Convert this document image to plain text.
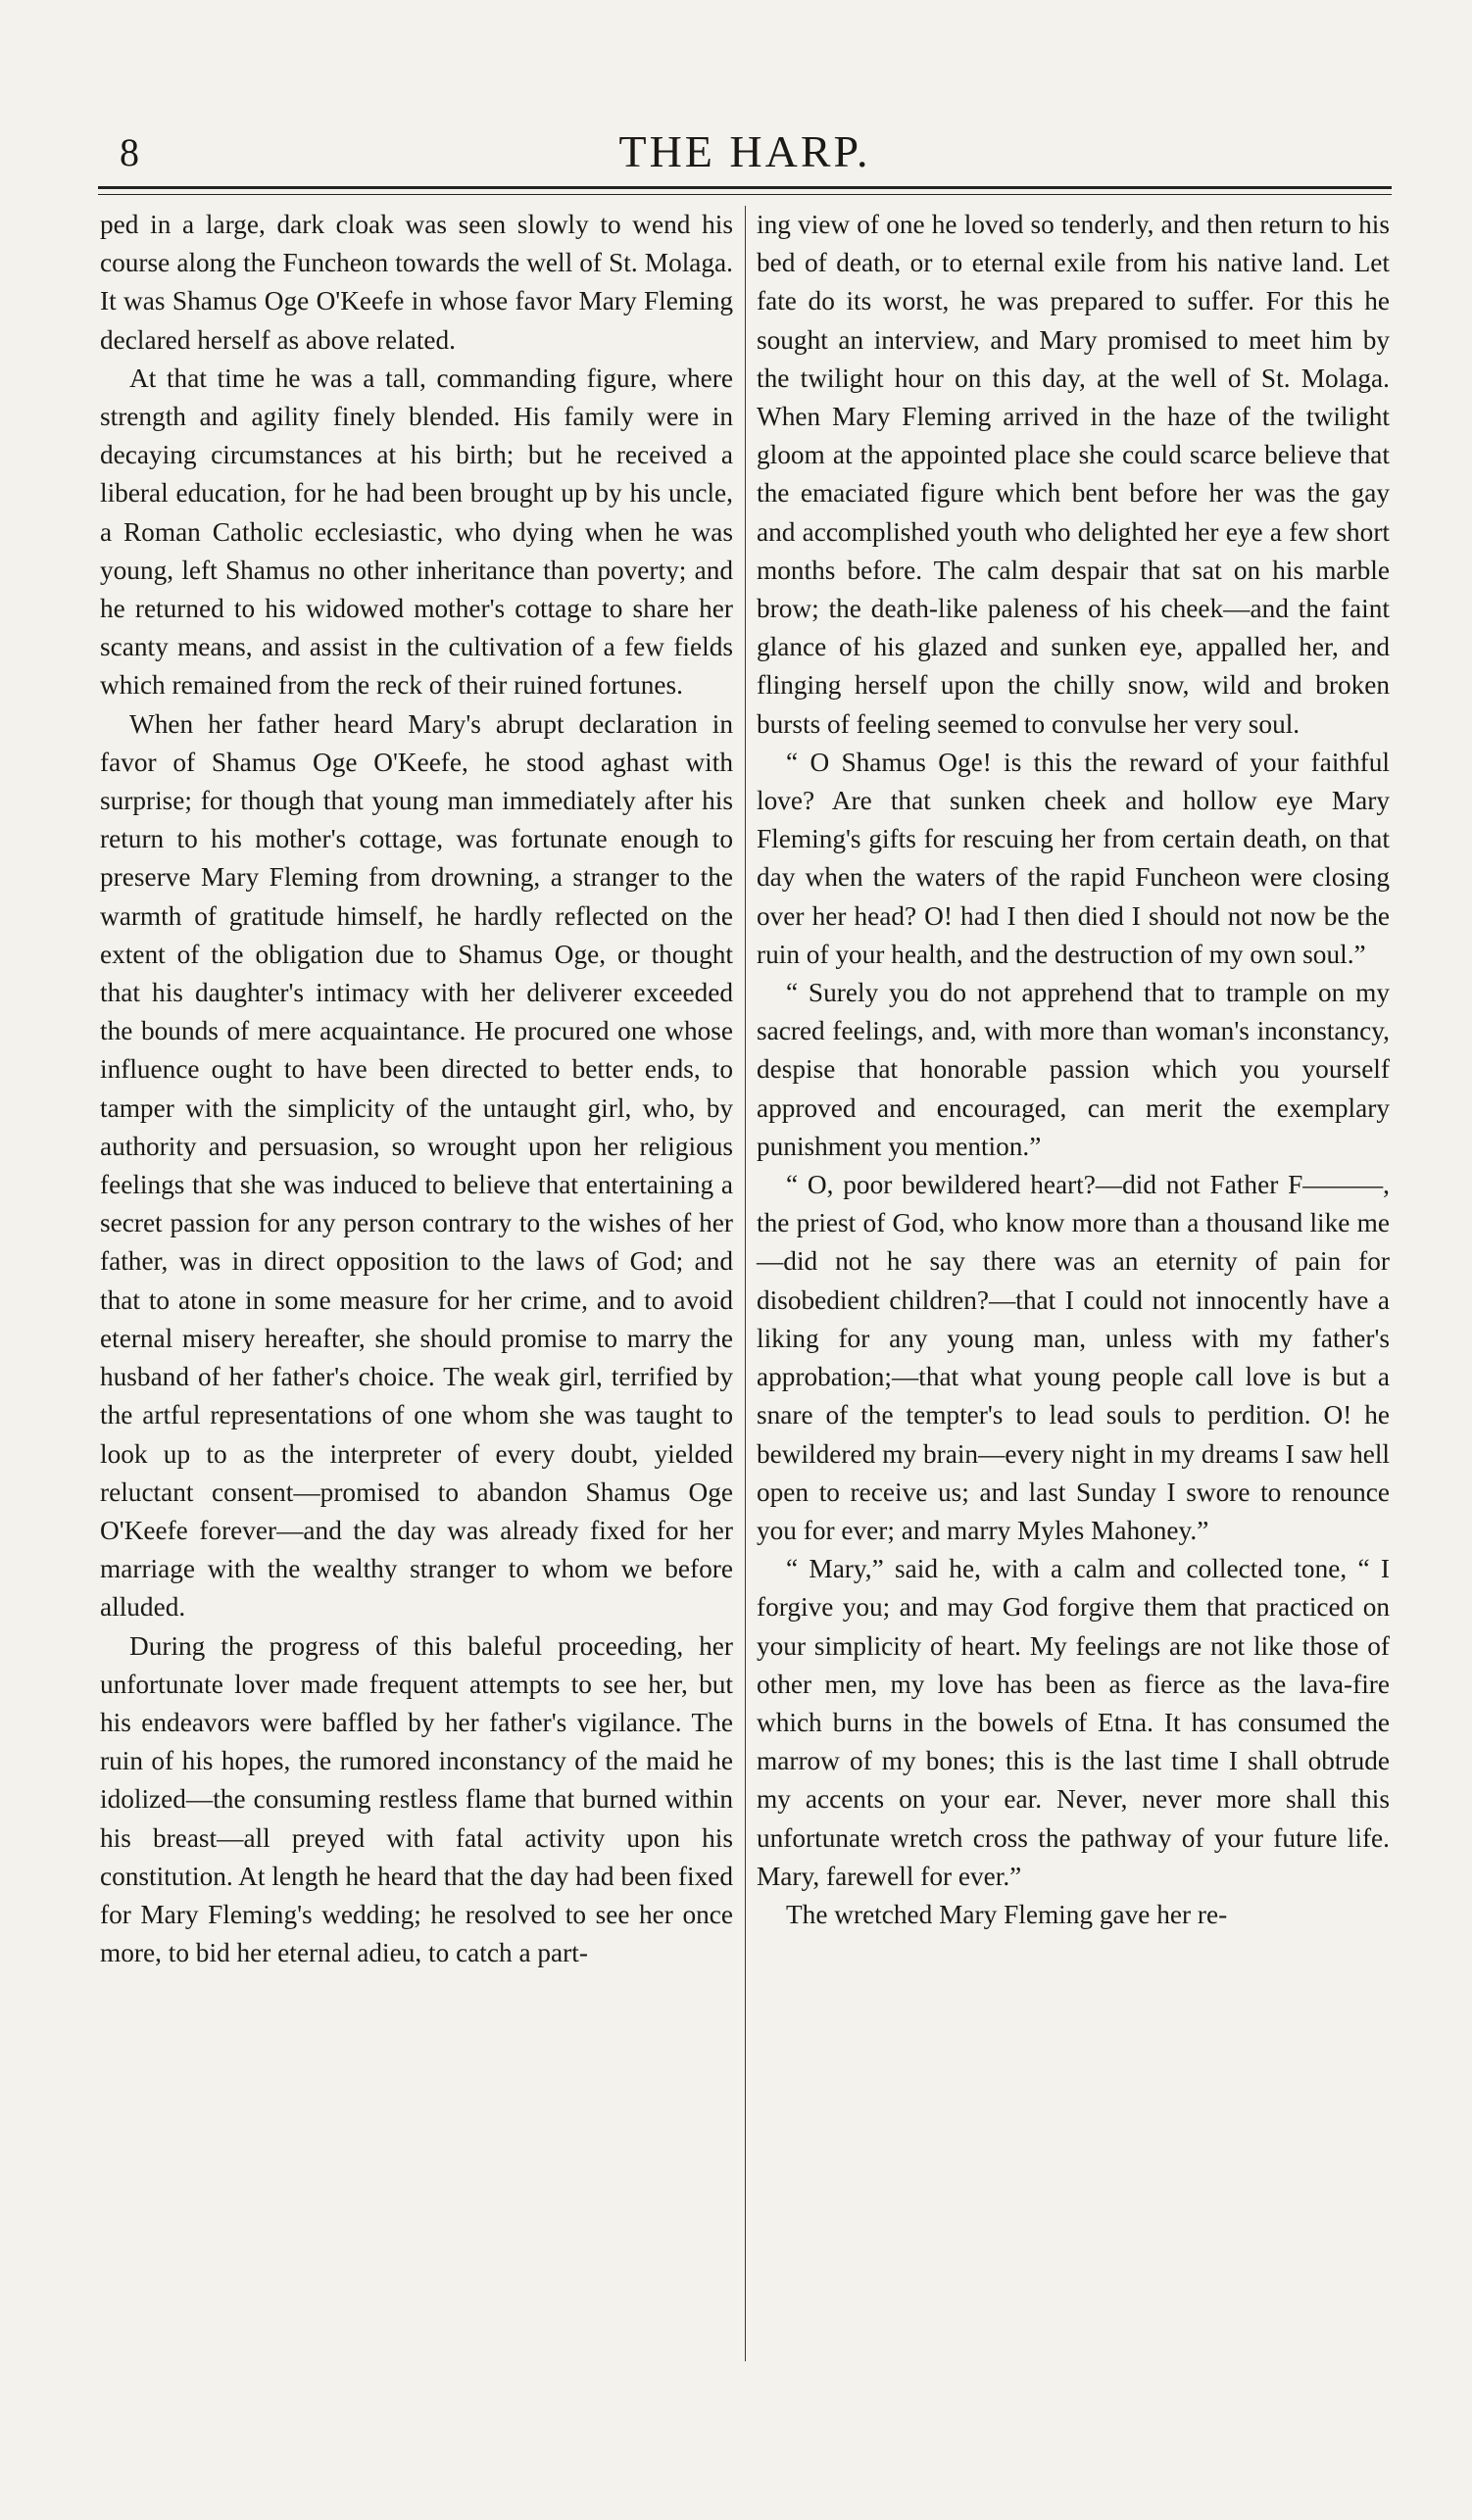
8	THE HARP.

ped in a large, dark cloak was seen slowly to wend his course along the Funcheon towards the well of St. Molaga. It was Shamus Oge O'Keefe in whose favor Mary Fleming declared herself as above related.

At that time he was a tall, commanding figure, where strength and agility finely blended. His family were in decaying circumstances at his birth; but he received a liberal education, for he had been brought up by his uncle, a Roman Catholic ecclesiastic, who dying when he was young, left Shamus no other inheritance than poverty; and he returned to his widowed mother's cottage to share her scanty means, and assist in the cultivation of a few fields which remained from the reck of their ruined fortunes.

When her father heard Mary's abrupt declaration in favor of Shamus Oge O'Keefe, he stood aghast with surprise; for though that young man immediately after his return to his mother's cottage, was fortunate enough to preserve Mary Fleming from drowning, a stranger to the warmth of gratitude himself, he hardly reflected on the extent of the obligation due to Shamus Oge, or thought that his daughter's intimacy with her deliverer exceeded the bounds of mere acquaintance. He procured one whose influence ought to have been directed to better ends, to tamper with the simplicity of the untaught girl, who, by authority and persuasion, so wrought upon her religious feelings that she was induced to believe that entertaining a secret passion for any person contrary to the wishes of her father, was in direct opposition to the laws of God; and that to atone in some measure for her crime, and to avoid eternal misery hereafter, she should promise to marry the husband of her father's choice. The weak girl, terrified by the artful representations of one whom she was taught to look up to as the interpreter of every doubt, yielded reluctant consent—promised to abandon Shamus Oge O'Keefe forever—and the day was already fixed for her marriage with the wealthy stranger to whom we before alluded.

During the progress of this baleful proceeding, her unfortunate lover made frequent attempts to see her, but his endeavors were baffled by her father's vigilance. The ruin of his hopes, the rumored inconstancy of the maid he idolized—the consuming restless flame that burned within his breast—all preyed with fatal activity upon his constitution. At length he heard that the day had been fixed for Mary Fleming's wedding; he resolved to see her once more, to bid her eternal adieu, to catch a part-

ing view of one he loved so tenderly, and then return to his bed of death, or to eternal exile from his native land. Let fate do its worst, he was prepared to suffer. For this he sought an interview, and Mary promised to meet him by the twilight hour on this day, at the well of St. Molaga. When Mary Fleming arrived in the haze of the twilight gloom at the appointed place she could scarce believe that the emaciated figure which bent before her was the gay and accomplished youth who delighted her eye a few short months before. The calm despair that sat on his marble brow; the death-like paleness of his cheek—and the faint glance of his glazed and sunken eye, appalled her, and flinging herself upon the chilly snow, wild and broken bursts of feeling seemed to convulse her very soul.

“ O Shamus Oge! is this the reward of your faithful love? Are that sunken cheek and hollow eye Mary Fleming's gifts for rescuing her from certain death, on that day when the waters of the rapid Funcheon were closing over her head? O! had I then died I should not now be the ruin of your health, and the destruction of my own soul.”

“ Surely you do not apprehend that to trample on my sacred feelings, and, with more than woman's inconstancy, despise that honorable passion which you yourself approved and encouraged, can merit the exemplary punishment you mention.”

“ O, poor bewildered heart?—did not Father F———, the priest of God, who know more than a thousand like me—did not he say there was an eternity of pain for disobedient children?—that I could not innocently have a liking for any young man, unless with my father's approbation;—that what young people call love is but a snare of the tempter's to lead souls to perdition. O! he bewildered my brain—every night in my dreams I saw hell open to receive us; and last Sunday I swore to renounce you for ever; and marry Myles Mahoney.”

“ Mary,” said he, with a calm and collected tone, “ I forgive you; and may God forgive them that practiced on your simplicity of heart. My feelings are not like those of other men, my love has been as fierce as the lava-fire which burns in the bowels of Etna. It has consumed the marrow of my bones; this is the last time I shall obtrude my accents on your ear. Never, never more shall this unfortunate wretch cross the pathway of your future life. Mary, farewell for ever.”

The wretched Mary Fleming gave her re-
